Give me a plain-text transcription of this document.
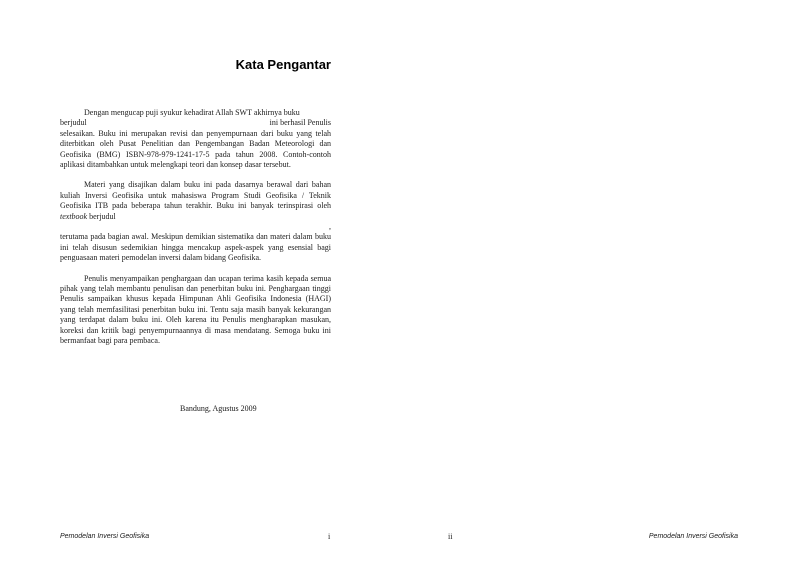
Kata Pengantar

Dengan mengucap puji syukur kehadirat Allah SWT akhirnya buku
berjudul	ini berhasil Penulis
selesaikan. Buku ini merupakan revisi dan penyempurnaan dari buku yang telah diterbitkan oleh Pusat Penelitian dan Pengembangan Badan Meteorologi dan Geofisika (BMG) ISBN-978-979-1241-17-5 pada tahun 2008. Contoh-contoh aplikasi ditambahkan untuk melengkapi teori dan konsep dasar tersebut.

Materi yang disajikan dalam buku ini pada dasarnya berawal dari bahan kuliah Inversi Geofisika untuk mahasiswa Program Studi Geofisika / Teknik Geofisika ITB pada beberapa tahun terakhir. Buku ini banyak terinspirasi oleh textbook berjudul
,
terutama pada bagian awal. Meskipun demikian sistematika dan materi dalam buku ini telah disusun sedemikian hingga mencakup aspek-aspek yang esensial bagi penguasaan materi pemodelan inversi dalam bidang Geofisika.

Penulis menyampaikan penghargaan dan ucapan terima kasih kepada semua pihak yang telah membantu penulisan dan penerbitan buku ini. Penghargaan tinggi Penulis sampaikan khusus kepada Himpunan Ahli Geofisika Indonesia (HAGI) yang telah memfasilitasi penerbitan buku ini. Tentu saja masih banyak kekurangan yang terdapat dalam buku ini. Oleh karena itu Penulis mengharapkan masukan, koreksi dan kritik bagi penyempurnaannya di masa mendatang. Semoga buku ini bermanfaat bagi para pembaca.

Bandung, Agustus 2009
Pemodelan Inversi Geofisika	i	ii	Pemodelan Inversi Geofisika
